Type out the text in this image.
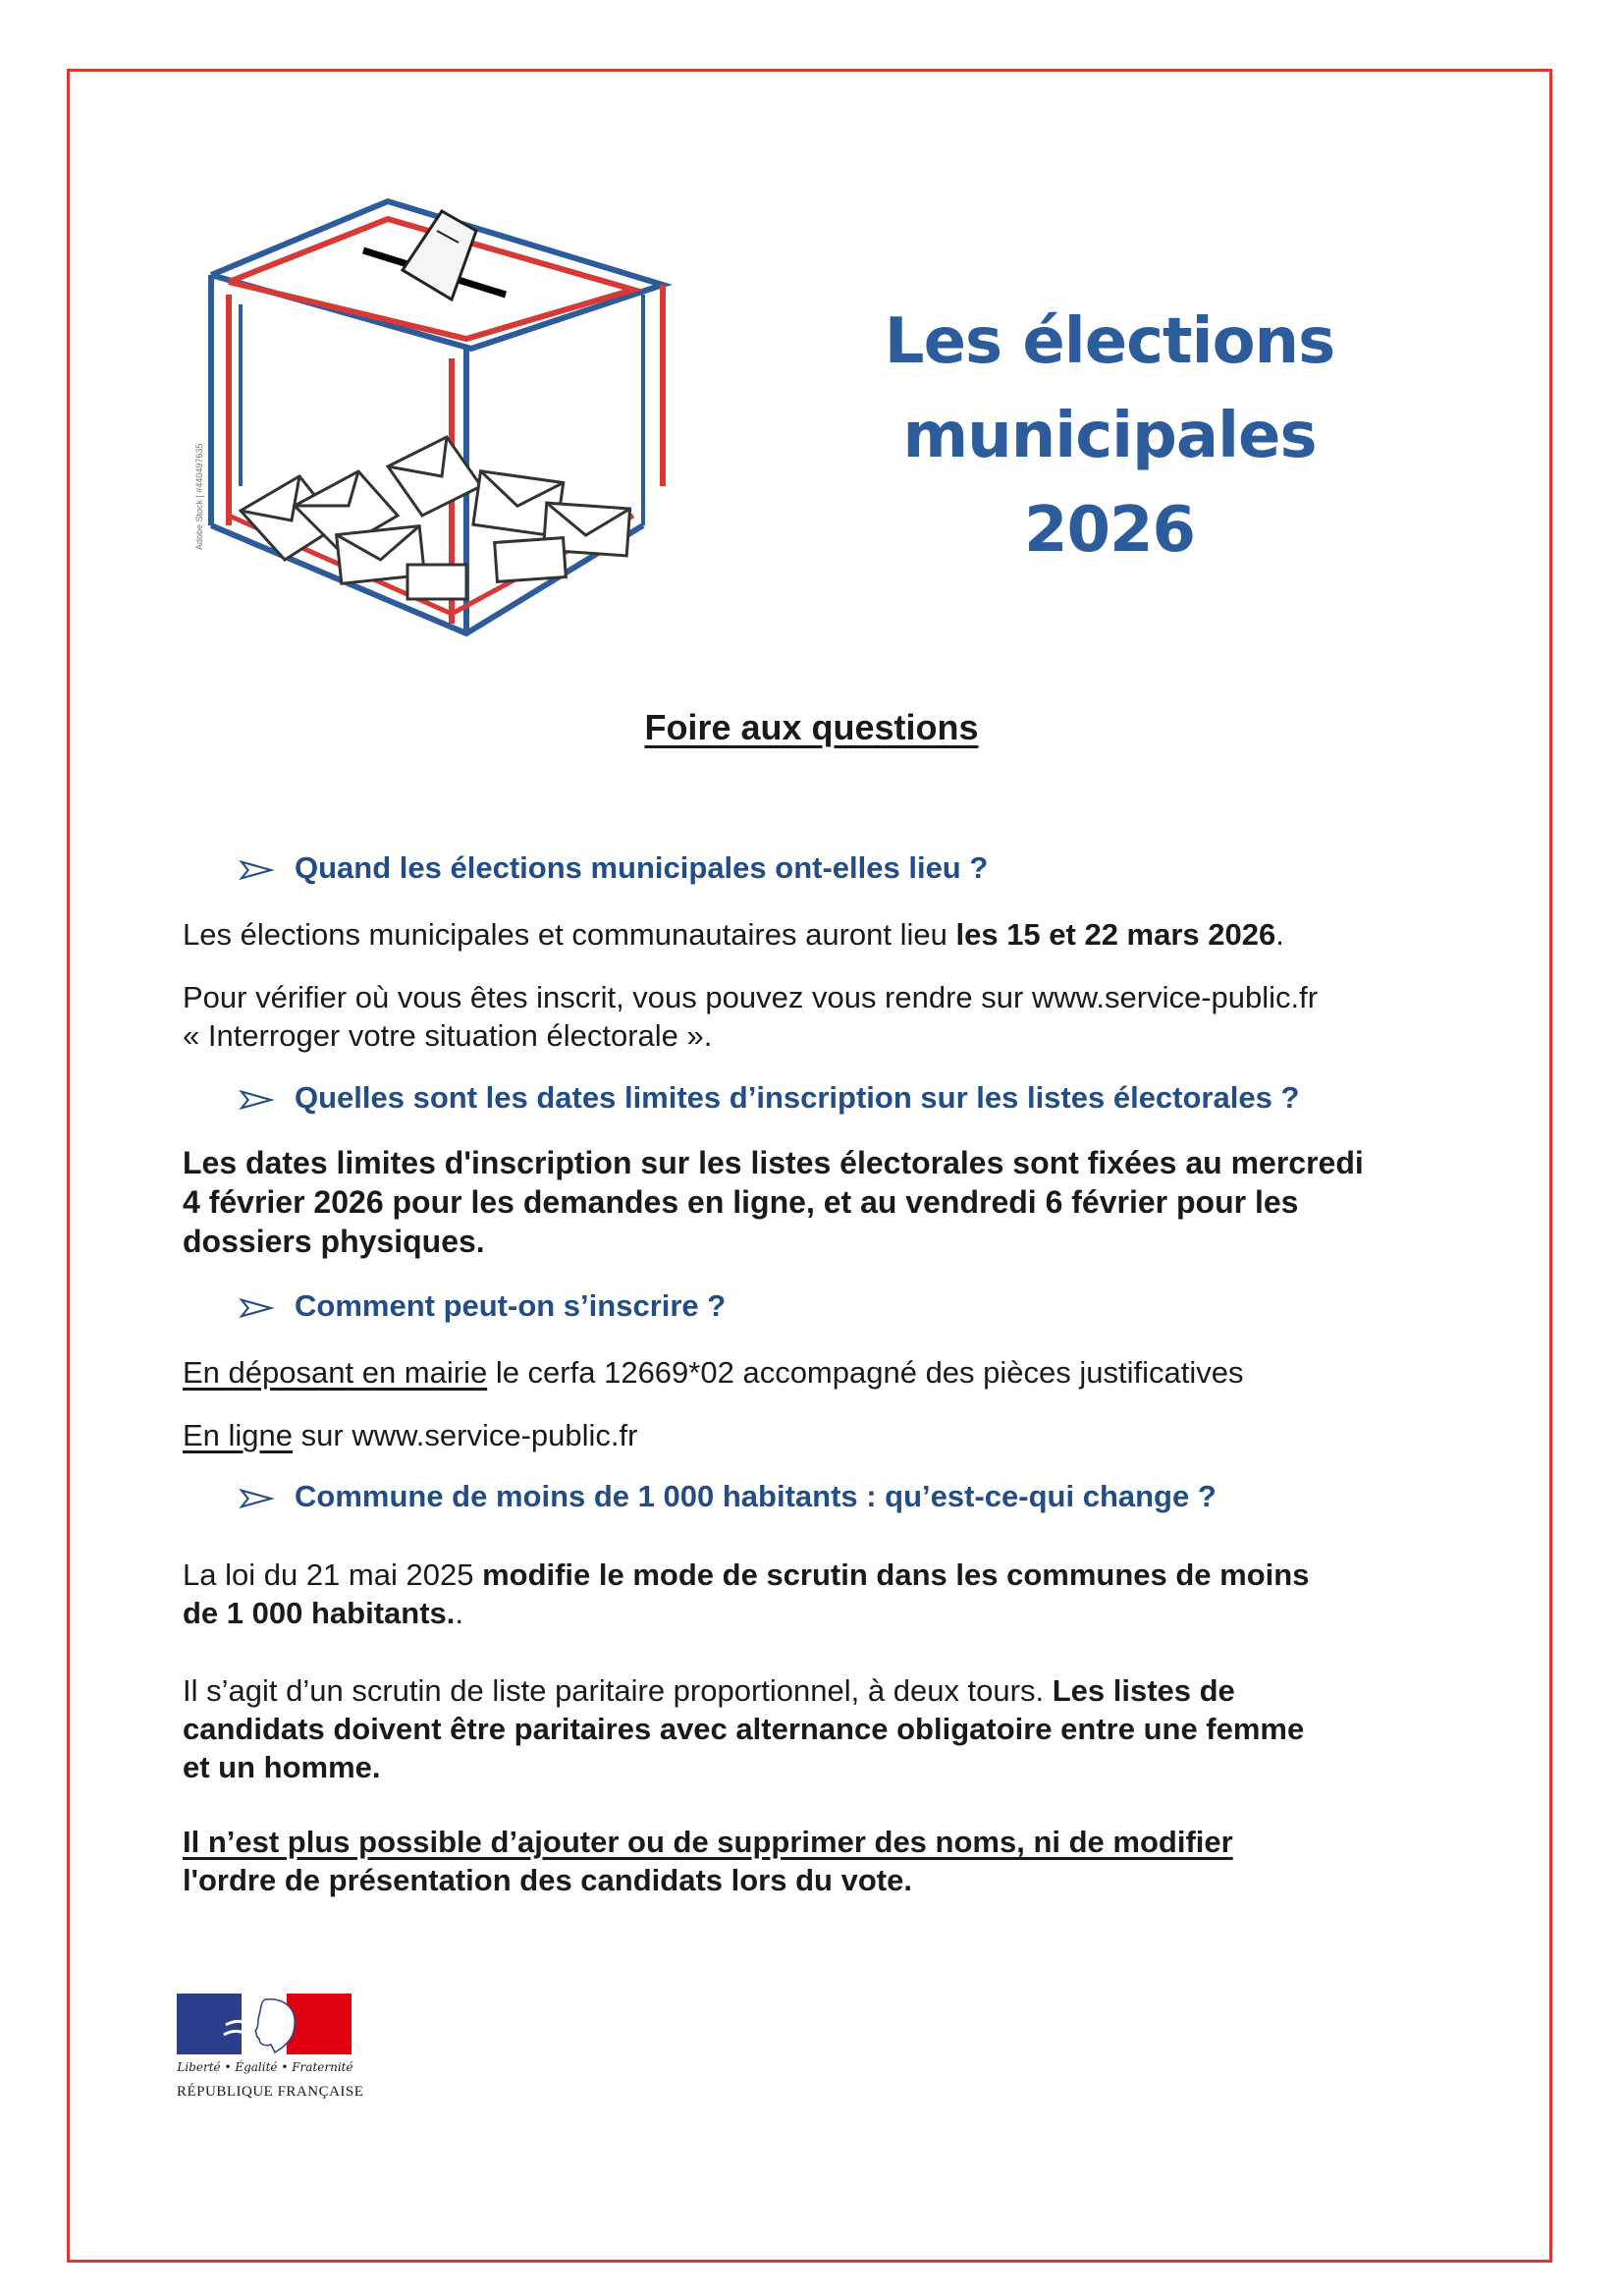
Adobe Stock | #440497635
Les élections
municipales
2026
Foire aux questions
Quand les élections municipales ont-elles lieu ?
Les élections municipales et communautaires auront lieu les 15 et 22 mars 2026.
Pour vérifier où vous êtes inscrit, vous pouvez vous rendre sur www.service-public.fr
« Interroger votre situation électorale ».
Quelles sont les dates limites d’inscription sur les listes électorales ?
Les dates limites d'inscription sur les listes électorales sont fixées au mercredi
4 février 2026 pour les demandes en ligne, et au vendredi 6 février pour les
dossiers physiques.
Comment peut-on s’inscrire ?
En déposant en mairie le cerfa 12669*02 accompagné des pièces justificatives
En ligne sur www.service-public.fr
Commune de moins de 1 000 habitants : qu’est-ce-qui change ?
La loi du 21 mai 2025 modifie le mode de scrutin dans les communes de moins
de 1 000 habitants..
Il s’agit d’un scrutin de liste paritaire proportionnel, à deux tours. Les listes de
candidats doivent être paritaires avec alternance obligatoire entre une femme
et un homme.
Il n’est plus possible d’ajouter ou de supprimer des noms, ni de modifier
l'ordre de présentation des candidats lors du vote.
Liberté • Égalité • Fraternité
RÉPUBLIQUE FRANÇAISE
